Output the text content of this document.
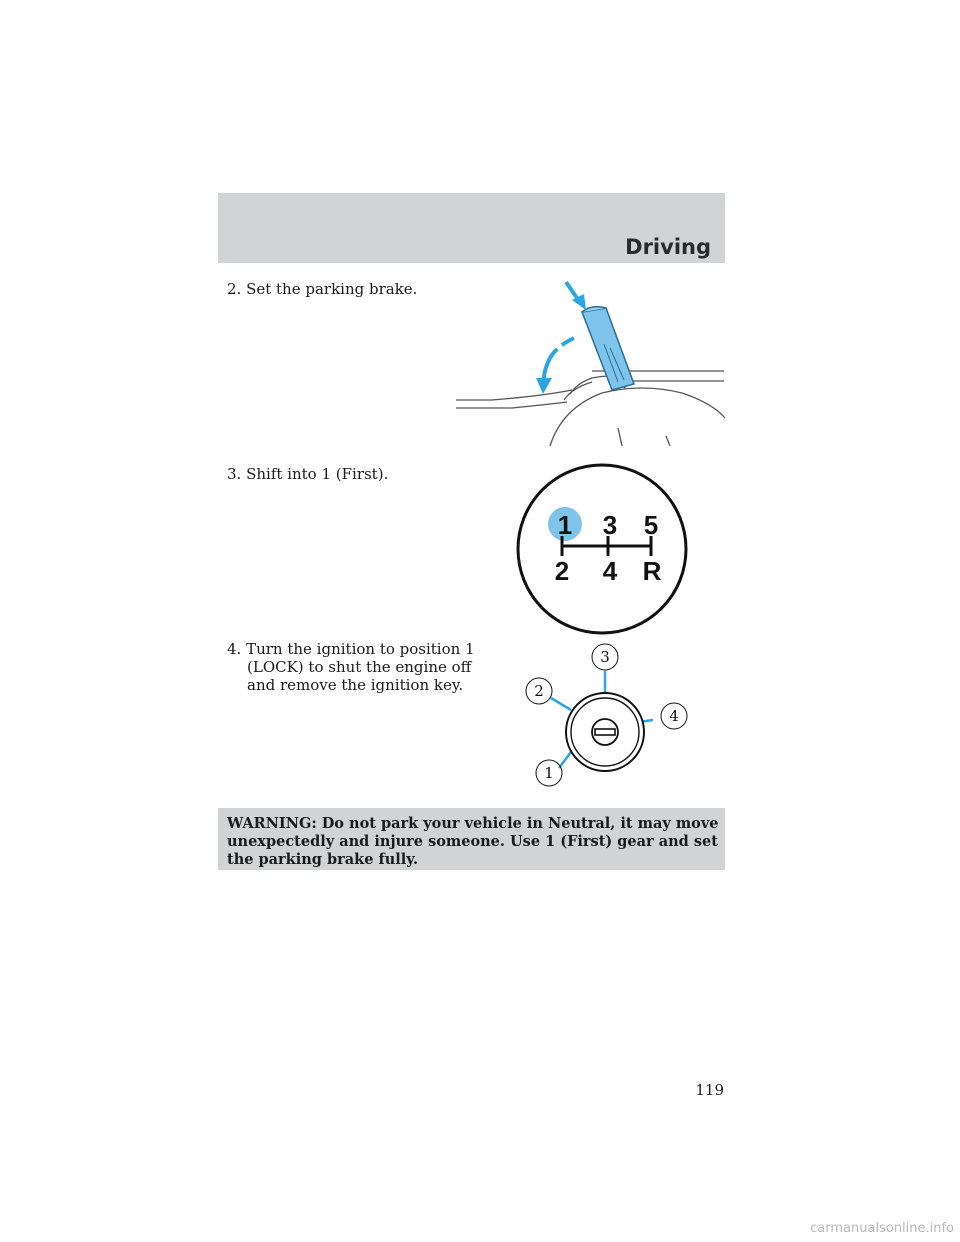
Driving
2. Set the parking brake.
3. Shift into 1 (First).
1 3 5
2 4 R
4. Turn the ignition to position 1
(LOCK) to shut the engine off
and remove the ignition key.
1
2
3
4
WARNING: Do not park your vehicle in Neutral, it may move
unexpectedly and injure someone. Use 1 (First) gear and set
the parking brake fully.
119
carmanualsonline.info
